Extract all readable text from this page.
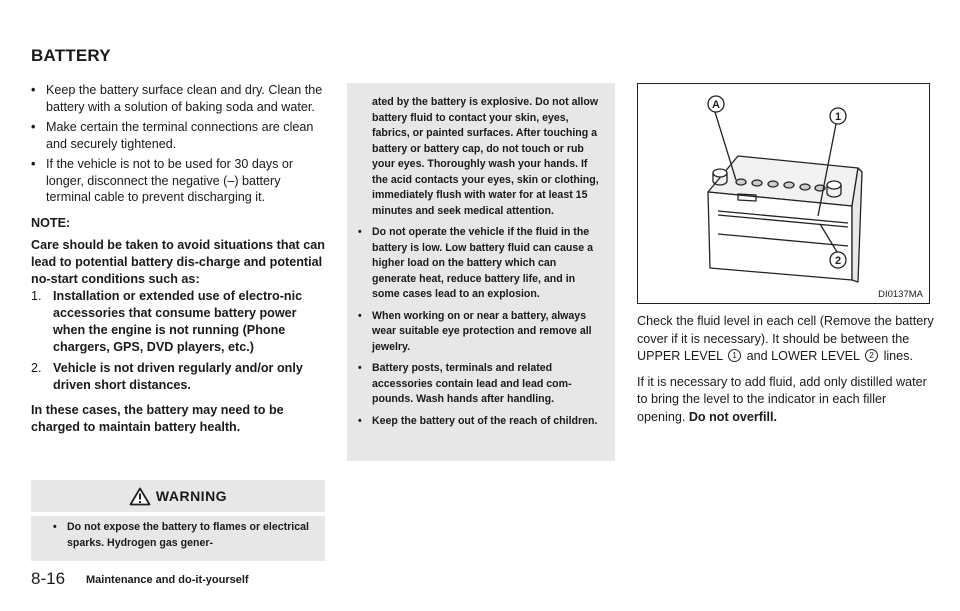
BATTERY
• Keep the battery surface clean and dry. Clean the battery with a solution of baking soda and water.
• Make certain the terminal connections are clean and securely tightened.
• If the vehicle is not to be used for 30 days or longer, disconnect the negative (–) battery terminal cable to prevent discharging it.
NOTE:
Care should be taken to avoid situations that can lead to potential battery dis-charge and potential no-start conditions such as:
1. Installation or extended use of electro-nic accessories that consume battery power when the engine is not running (Phone chargers, GPS, DVD players, etc.)
2. Vehicle is not driven regularly and/or only driven short distances.
In these cases, the battery may need to be charged to maintain battery health.
WARNING
• Do not expose the battery to flames or electrical sparks. Hydrogen gas gener-
ated by the battery is explosive. Do not allow battery fluid to contact your skin, eyes, fabrics, or painted surfaces. After touching a battery or battery cap, do not touch or rub your eyes. Thoroughly wash your hands. If the acid contacts your eyes, skin or clothing, immediately flush with water for at least 15 minutes and seek medical attention.
• Do not operate the vehicle if the fluid in the battery is low. Low battery fluid can cause a higher load on the battery which can generate heat, reduce battery life, and in some cases lead to an explosion.
• When working on or near a battery, always wear suitable eye protection and remove all jewelry.
• Battery posts, terminals and related accessories contain lead and lead com-pounds. Wash hands after handling.
• Keep the battery out of the reach of children.
A
1
2
DI0137MA
Check the fluid level in each cell (Remove the battery cover if it is necessary). It should be between the UPPER LEVEL 1 and LOWER LEVEL 2 lines.
If it is necessary to add fluid, add only distilled water to bring the level to the indicator in each filler opening. Do not overfill.
8-16 Maintenance and do-it-yourself
